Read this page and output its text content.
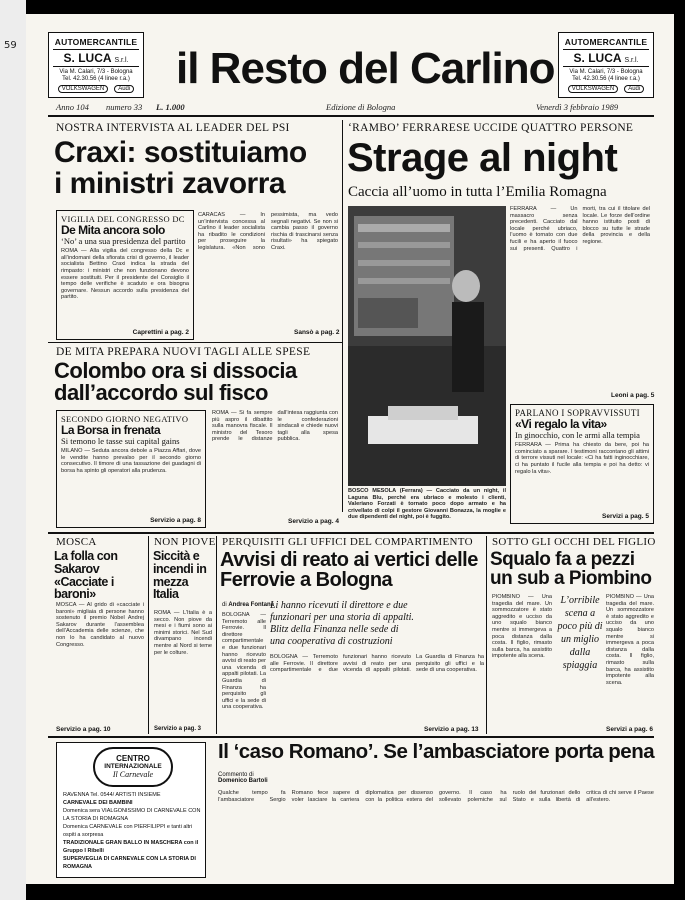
59	AUTOMERCANTILE
S. LUCA S.r.l.
Via M. Calari, 7/3 - Bologna
Tel. 42.30.56 (4 linee r.a.)
VOLKSWAGEN	Audi il Resto del Carlino
AUTOMERCANTILE
S. LUCA S.r.l.
Via M. Calari, 7/3 - Bologna
Tel. 42.30.56 (4 linee r.a.)
VOLKSWAGEN	Audi
Anno 104 numero 33 L. 1.000	Edizione di Bologna	Venerdì 3 febbraio 1989
NOSTRA INTERVISTA AL LEADER DEL PSI
Craxi: sostituiamo i ministri zavorra
VIGILIA DEL CONGRESSO DC
De Mita ancora solo
‘No’ a una sua presidenza del partito
ROMA — Alla vigilia del congresso della Dc e all’indomani della sfiorata crisi di governo, il leader socialista Bettino Craxi indica la strada del rimpasto: i ministri che non funzionano devono essere sostituiti. Per il presidente del Consiglio il tempo delle verifiche è scaduto e ora bisogna governare. Nessun accordo sulla presidenza del partito.
Caprettini a pag. 2
CARACAS — In un’intervista concessa al Carlino il leader socialista ha ribadito le condizioni per proseguire la legislatura. «Non sono pessimista, ma vedo segnali negativi. Se non si cambia passo il governo rischia di trascinarsi senza risultati» ha spiegato Craxi.
Sansò a pag. 2
‘RAMBO’ FERRARESE UCCIDE QUATTRO PERSONE
Strage al night
Caccia all’uomo in tutta l’Emilia Romagna
BOSCO MESOLA (Ferrara) — Cacciato da un night, il Laguna Blu, perché era ubriaco e molesto i clienti, Valeriano Forzati è tornato poco dopo armato e ha crivellato di colpi il gestore Giovanni Bonazza, la moglie e due dipendenti del night, poi è fuggito.
FERRARA — Un massacro senza precedenti. Cacciato dal locale perché ubriaco, l’uomo è tornato con due fucili e ha aperto il fuoco sui presenti. Quattro i morti, tra cui il titolare del locale. Le forze dell’ordine hanno istituito posti di blocco su tutte le strade della provincia e della regione.
Leoni a pag. 5
DE MITA PREPARA NUOVI TAGLI ALLE SPESE
Colombo ora si dissocia dall’accordo sul fisco
SECONDO GIORNO NEGATIVO
La Borsa in frenata
Si temono le tasse sui capital gains
MILANO — Seduta ancora debole a Piazza Affari, dove le vendite hanno prevalso per il secondo giorno consecutivo. Il timore di una tassazione dei guadagni di borsa ha spinto gli operatori alla prudenza.
Servizio a pag. 8
ROMA — Si fa sempre più aspro il dibattito sulla manovra fiscale. Il ministro del Tesoro prende le distanze dall’intesa raggiunta con le confederazioni sindacali e chiede nuovi tagli alla spesa pubblica.
Servizio a pag. 4
PARLANO I SOPRAVVISSUTI
«Vi regalo la vita»
In ginocchio, con le armi alla tempia
FERRARA — Prima ha chiesto da bere, poi ha cominciato a sparare. I testimoni raccontano gli attimi di terrore vissuti nel locale: «Ci ha fatti inginocchiare, ci ha puntato il fucile alla tempia e poi ha detto: vi regalo la vita».
Servizi a pag. 5
MOSCA
La folla con Sakarov «Cacciate i baroni»
MOSCA — Al grido di «cacciate i baroni» migliaia di persone hanno sostenuto il premio Nobel Andrej Sakarov durante l’assemblea dell’Accademia delle scienze, che non lo ha candidato al nuovo Congresso.
Servizio a pag. 10
NON PIOVE
Siccità e incendi in mezza Italia
ROMA — L’Italia è a secco. Non piove da mesi e i fiumi sono ai minimi storici. Nel Sud divampano incendi mentre al Nord si teme per le colture.
Servizio a pag. 3
PERQUISITI GLI UFFICI DEL COMPARTIMENTO
Avvisi di reato ai vertici delle Ferrovie a Bologna
di Andrea Fontana
BOLOGNA — Terremoto alle Ferrovie. Il direttore compartimentale e due funzionari hanno ricevuto avvisi di reato per una vicenda di appalti pilotati. La Guardia di Finanza ha perquisito gli uffici e la sede di una cooperativa.
Li hanno ricevuti il direttore e due funzionari per una storia di appalti. Blitz della Finanza nelle sede di una cooperativa di costruzioni
BOLOGNA — Terremoto alle Ferrovie. Il direttore compartimentale e due funzionari hanno ricevuto avvisi di reato per una vicenda di appalti pilotati. La Guardia di Finanza ha perquisito gli uffici e la sede di una cooperativa.
Servizio a pag. 13
SOTTO GLI OCCHI DEL FIGLIO
Squalo fa a pezzi un sub a Piombino
PIOMBINO — Una tragedia del mare. Un sommozzatore è stato aggredito e ucciso da uno squalo bianco mentre si immergeva a poca distanza dalla costa. Il figlio, rimasto sulla barca, ha assistito impotente alla scena.
L’orribile scena a poco più di un miglio dalla spiaggia
PIOMBINO — Una tragedia del mare. Un sommozzatore è stato aggredito e ucciso da uno squalo bianco mentre si immergeva a poca distanza dalla costa. Il figlio, rimasto sulla barca, ha assistito impotente alla scena.
Servizi a pag. 6
CENTRO
INTERNAZIONALE
Il Carnevale
RAVENNA Tel. 0544/ ARTISTI INSIEME
CARNEVALE DEI BAMBINI
Domenica sera VIALGONISSIMO DI CARNEVALE CON LA STORIA DI ROMAGNA
Domenica CARNEVALE con PIERFILIPPI e tanti altri ospiti a sorpresa
TRADIZIONALE GRAN BALLO IN MASCHERA con il Gruppo I Ribelli
SUPERVEGLIA DI CARNEVALE CON LA STORIA DI ROMAGNA
Il ‘caso Romano’. Se l’ambasciatore porta pena
Commento di
Domenico Bartoli
Qualche tempo fa l’ambasciatore Sergio Romano fece sapere di voler lasciare la carriera diplomatica per dissenso con la politica estera del governo. Il caso ha sollevato polemiche sul ruolo dei funzionari dello Stato e sulla libertà di critica di chi serve il Paese all’estero.
